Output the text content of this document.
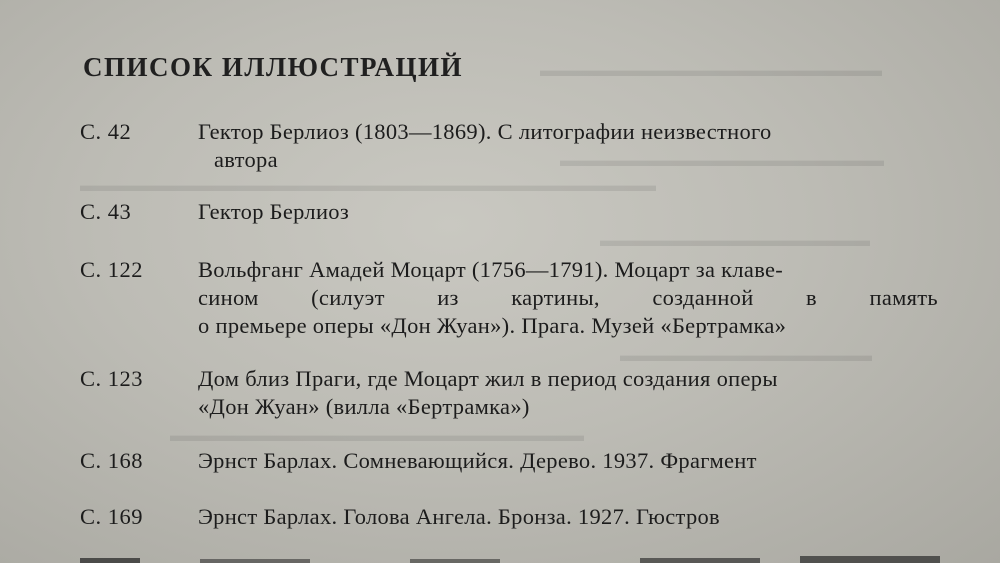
▬▬▬▬▬▬▬▬▬▬▬▬▬▬▬▬▬▬▬
▬▬▬▬▬▬▬▬▬▬▬▬▬▬▬▬▬▬
▬▬▬▬▬▬▬▬▬▬▬▬▬▬▬▬▬▬▬▬▬▬▬▬▬▬▬▬▬▬▬▬
▬▬▬▬▬▬▬▬▬▬▬▬▬▬▬
▬▬▬▬▬▬▬▬▬▬▬▬▬▬
▬▬▬▬▬▬▬▬▬▬▬▬▬▬▬▬▬▬▬▬▬▬▬
СПИСОК ИЛЛЮСТРАЦИЙ
С. 42	Гектор Берлиоз (1803—1869). С литографии неизвестного
автора
С. 43	Гектор Берлиоз
С. 122	Вольфганг Амадей Моцарт (1756—1791). Моцарт за клаве-
сином (силуэт из картины, созданной в память
о премьере оперы «Дон Жуан»). Прага. Музей «Бертрамка»
С. 123	Дом близ Праги, где Моцарт жил в период создания оперы
«Дон Жуан» (вилла «Бертрамка»)
С. 168	Эрнст Барлах. Сомневающийся. Дерево. 1937. Фрагмент
С. 169	Эрнст Барлах. Голова Ангела. Бронза. 1927. Гюстров
